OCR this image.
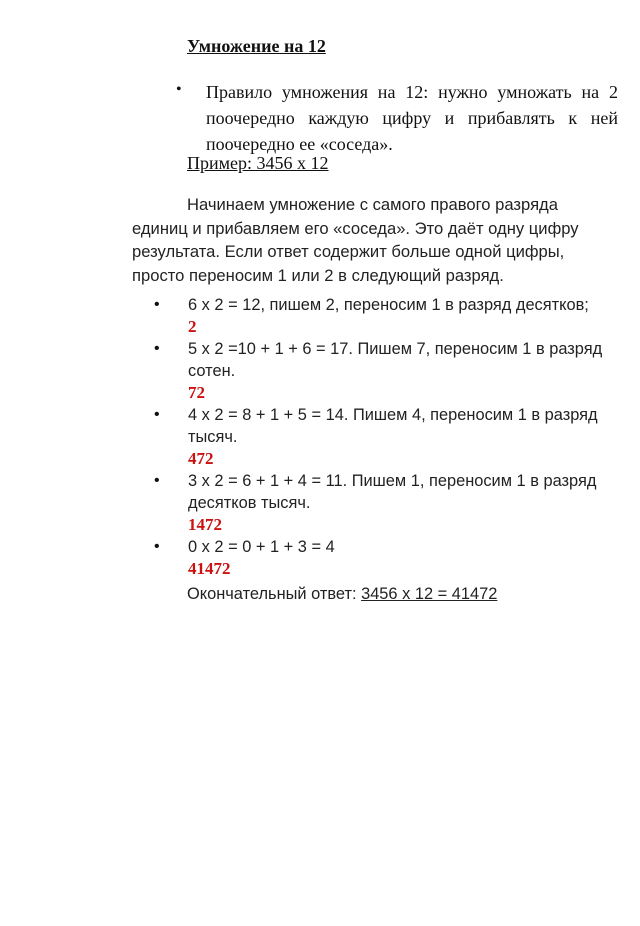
Умножение на 12
• Правило умножения на 12: нужно умножать на 2 поочередно каждую цифру и прибавлять к ней поочередно ее «соседа».
Пример: 3456 х 12
Начинаем умножение с самого правого разряда единиц и прибавляем его «соседа». Это даёт одну цифру результата. Если ответ содержит больше одной цифры, просто переносим 1 или 2 в следующий разряд.
• 6 х 2 = 12, пишем 2, переносим 1 в разряд десятков;
2
• 5 х 2 =10 + 1 + 6 = 17. Пишем 7, переносим 1 в разряд сотен.
72
• 4 х 2 = 8 + 1 + 5 = 14. Пишем 4, переносим 1 в разряд тысяч.
472
• 3 х 2 = 6 + 1 + 4 = 11. Пишем 1, переносим 1 в разряд десятков тысяч.
1472
• 0 х 2 = 0 + 1 + 3 = 4
41472
Окончательный ответ: 3456 х 12 = 41472
